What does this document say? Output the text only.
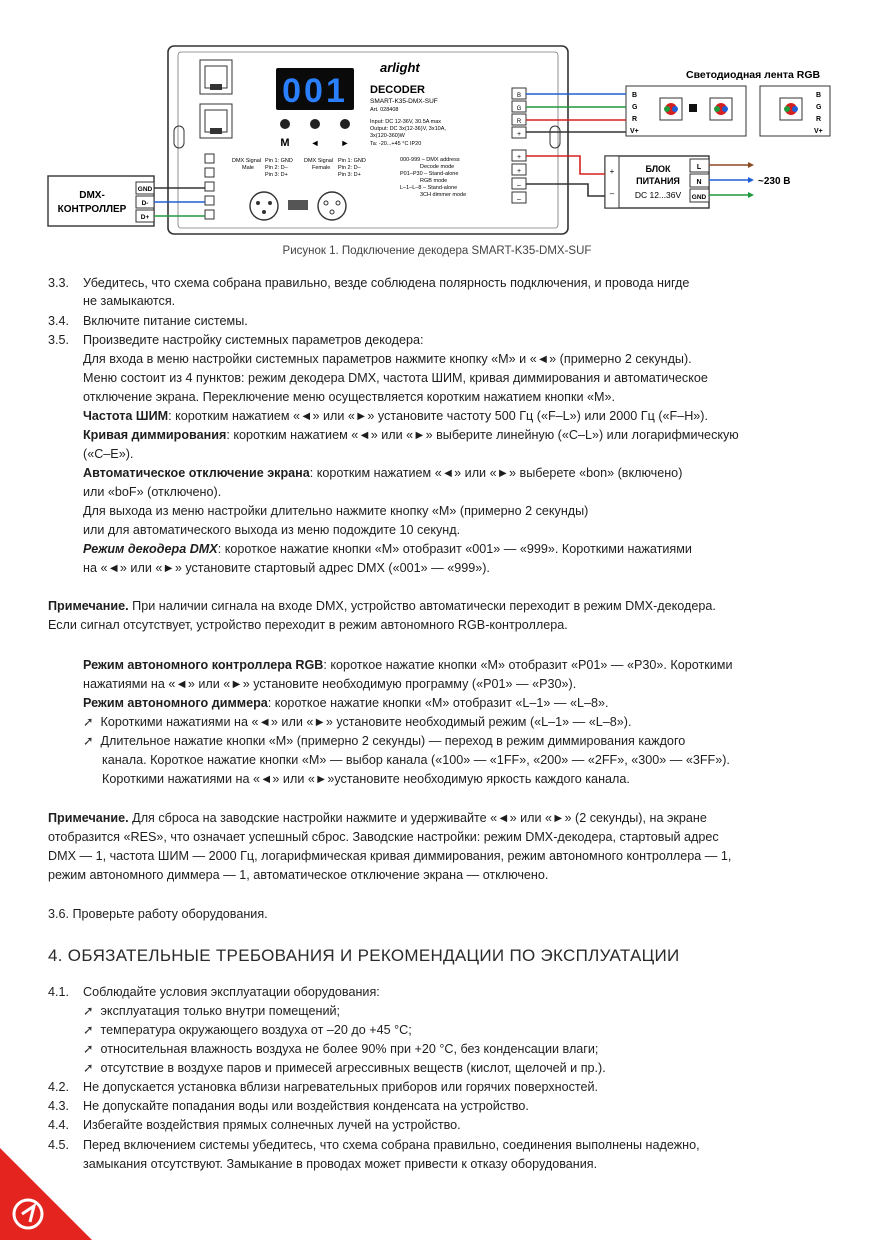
001
M ◄ ►
arlight
DECODER
SMART-K35-DMX-SUF
Art. 028408
Input: DC 12-36V, 30.5A max
Output: DC 3x(12-36)V, 3x10A,
3x(120-360)W
Ta: -20...+45 °C IP20
000-999 – DMX address
Decode mode
P01–P30 – Stand-alone
RGB mode
L–1–L–8 – Stand-alone
3CH dimmer mode
DMX Signal
Male
Pin 1: GND
Pin 2: D–
Pin 3: D+
DMX Signal
Female
Pin 1: GND
Pin 2: D–
Pin 3: D+
B
G
R
+
+
+
–
–
DMX-
КОНТРОЛЛЕР
GND
D-
D+
Светодиодная лента RGB
B
G
R
V+
B
G
R
V+
+
–
БЛОК
ПИТАНИЯ
DC 12...36V
L
N
GND
~230 В
Рисунок 1. Подключение декодера SMART-K35-DMX-SUF
3.3. Убедитесь, что схема собрана правильно, везде соблюдена полярность подключения, и провода нигде
не замыкаются.
3.4. Включите питание системы.
3.5. Произведите настройку системных параметров декодера:
Для входа в меню настройки системных параметров нажмите кнопку «M» и «◄» (примерно 2 секунды).
Меню состоит из 4 пунктов: режим декодера DMX, частота ШИМ, кривая диммирования и автоматическое
отключение экрана. Переключение меню осуществляется коротким нажатием кнопки «M».
Частота ШИМ: коротким нажатием «◄» или «►» установите частоту 500 Гц («F–L») или 2000 Гц («F–H»).
Кривая диммирования: коротким нажатием «◄» или «►» выберите линейную («C–L») или логарифмическую
(«C–E»).
Автоматическое отключение экрана: коротким нажатием «◄» или «►» выберете «bon» (включено)
или «boF» (отключено).
Для выхода из меню настройки длительно нажмите кнопку «M» (примерно 2 секунды)
или для автоматического выхода из меню подождите 10 секунд.
Режим декодера DMX: короткое нажатие кнопки «M» отобразит «001» — «999». Короткими нажатиями
на «◄» или «►» установите стартовый адрес DMX («001» — «999»).
Примечание. При наличии сигнала на входе DMX, устройство автоматически переходит в режим DMX-декодера.
Если сигнал отсутствует, устройство переходит в режим автономного RGB-контроллера.
Режим автономного контроллера RGB: короткое нажатие кнопки «M» отобразит «P01» — «P30». Короткими
нажатиями на «◄» или «►» установите необходимую программу («P01» — «P30»).
Режим автономного диммера: короткое нажатие кнопки «M» отобразит «L–1» — «L–8».
➚ Короткими нажатиями на «◄» или «►» установите необходимый режим («L–1» — «L–8»).
➚ Длительное нажатие кнопки «M» (примерно 2 секунды) — переход в режим диммирования каждого
канала. Короткое нажатие кнопки «M» — выбор канала («100» — «1FF», «200» — «2FF», «300» — «3FF»).
Короткими нажатиями на «◄» или «►»установите необходимую яркость каждого канала.
Примечание. Для сброса на заводские настройки нажмите и удерживайте «◄» или «►» (2 секунды), на экране
отобразится «RES», что означает успешный сброс. Заводские настройки: режим DMX-декодера, стартовый адрес
DMX — 1, частота ШИМ — 2000 Гц, логарифмическая кривая диммирования, режим автономного контроллера — 1,
режим автономного диммера — 1, автоматическое отключение экрана — отключено.
3.6. Проверьте работу оборудования.
4. ОБЯЗАТЕЛЬНЫЕ ТРЕБОВАНИЯ И РЕКОМЕНДАЦИИ ПО ЭКСПЛУАТАЦИИ
4.1. Соблюдайте условия эксплуатации оборудования:
➚ эксплуатация только внутри помещений;
➚ температура окружающего воздуха от –20 до +45 °C;
➚ относительная влажность воздуха не более 90% при +20 °C, без конденсации влаги;
➚ отсутствие в воздухе паров и примесей агрессивных веществ (кислот, щелочей и пр.).
4.2. Не допускается установка вблизи нагревательных приборов или горячих поверхностей.
4.3. Не допускайте попадания воды или воздействия конденсата на устройство.
4.4. Избегайте воздействия прямых солнечных лучей на устройство.
4.5. Перед включением системы убедитесь, что схема собрана правильно, соединения выполнены надежно,
замыкания отсутствуют. Замыкание в проводах может привести к отказу оборудования.
